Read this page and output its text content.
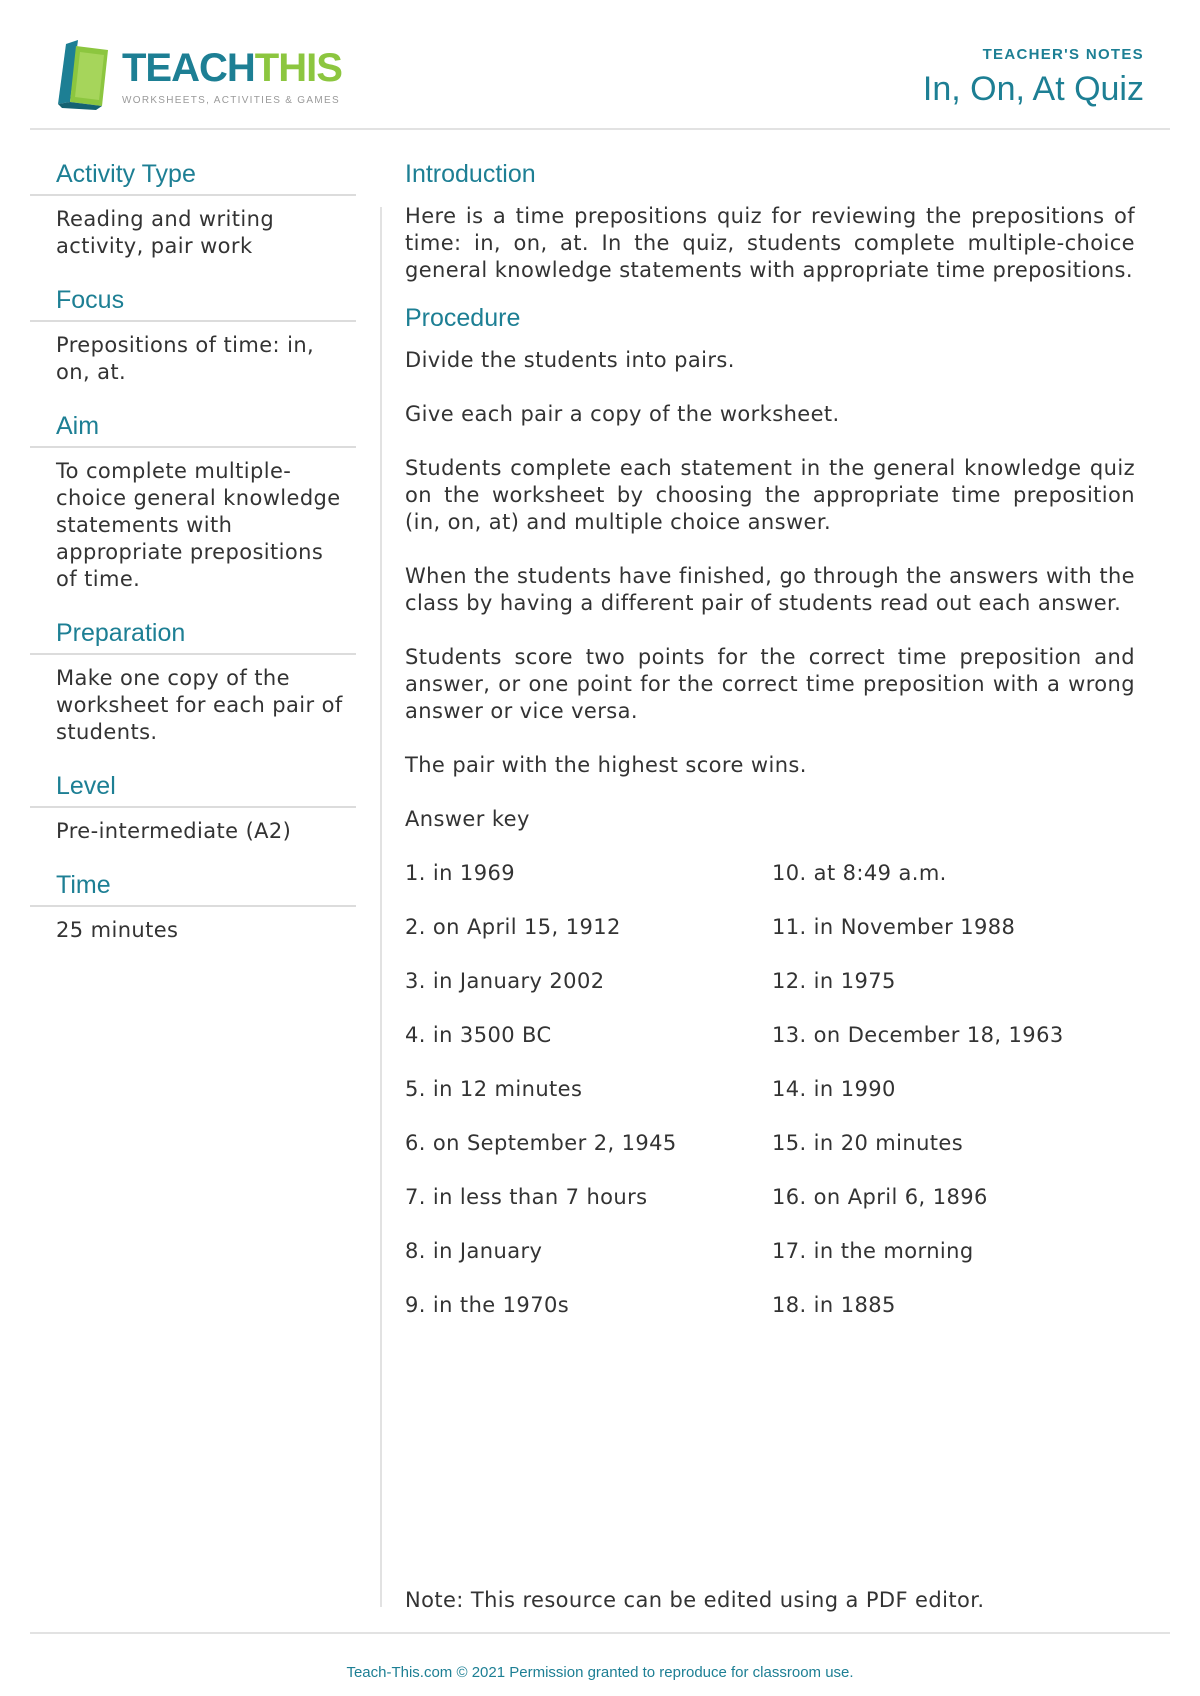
TEACHTHIS
WORKSHEETS, ACTIVITIES & GAMES
TEACHER'S NOTES
In, On, At Quiz
Activity Type
Reading and writing activity, pair work
Focus
Prepositions of time: in, on, at.
Aim
To complete multiple-choice general knowledge statements with appropriate prepositions of time.
Preparation
Make one copy of the worksheet for each pair of students.
Level
Pre-intermediate (A2)
Time
25 minutes
Introduction
Here is a time prepositions quiz for reviewing the prepositions of time: in, on, at. In the quiz, students complete multiple-choice general knowledge statements with appropriate time prepositions.
Procedure
Divide the students into pairs.
Give each pair a copy of the worksheet.
Students complete each statement in the general knowledge quiz on the worksheet by choosing the appropriate time preposition (in, on, at) and multiple choice answer.
When the students have finished, go through the answers with the class by having a different pair of students read out each answer.
Students score two points for the correct time preposition and answer, or one point for the correct time preposition with a wrong answer or vice versa.
The pair with the highest score wins.
Answer key
1. in 1969	10. at 8:49 a.m.
2. on April 15, 1912	11. in November 1988
3. in January 2002	12. in 1975
4. in 3500 BC	13. on December 18, 1963
5. in 12 minutes	14. in 1990
6. on September 2, 1945	15. in 20 minutes
7. in less than 7 hours	16. on April 6, 1896
8. in January	17. in the morning
9. in the 1970s	18. in 1885
Note: This resource can be edited using a PDF editor.
Teach-This.com © 2021 Permission granted to reproduce for classroom use.
